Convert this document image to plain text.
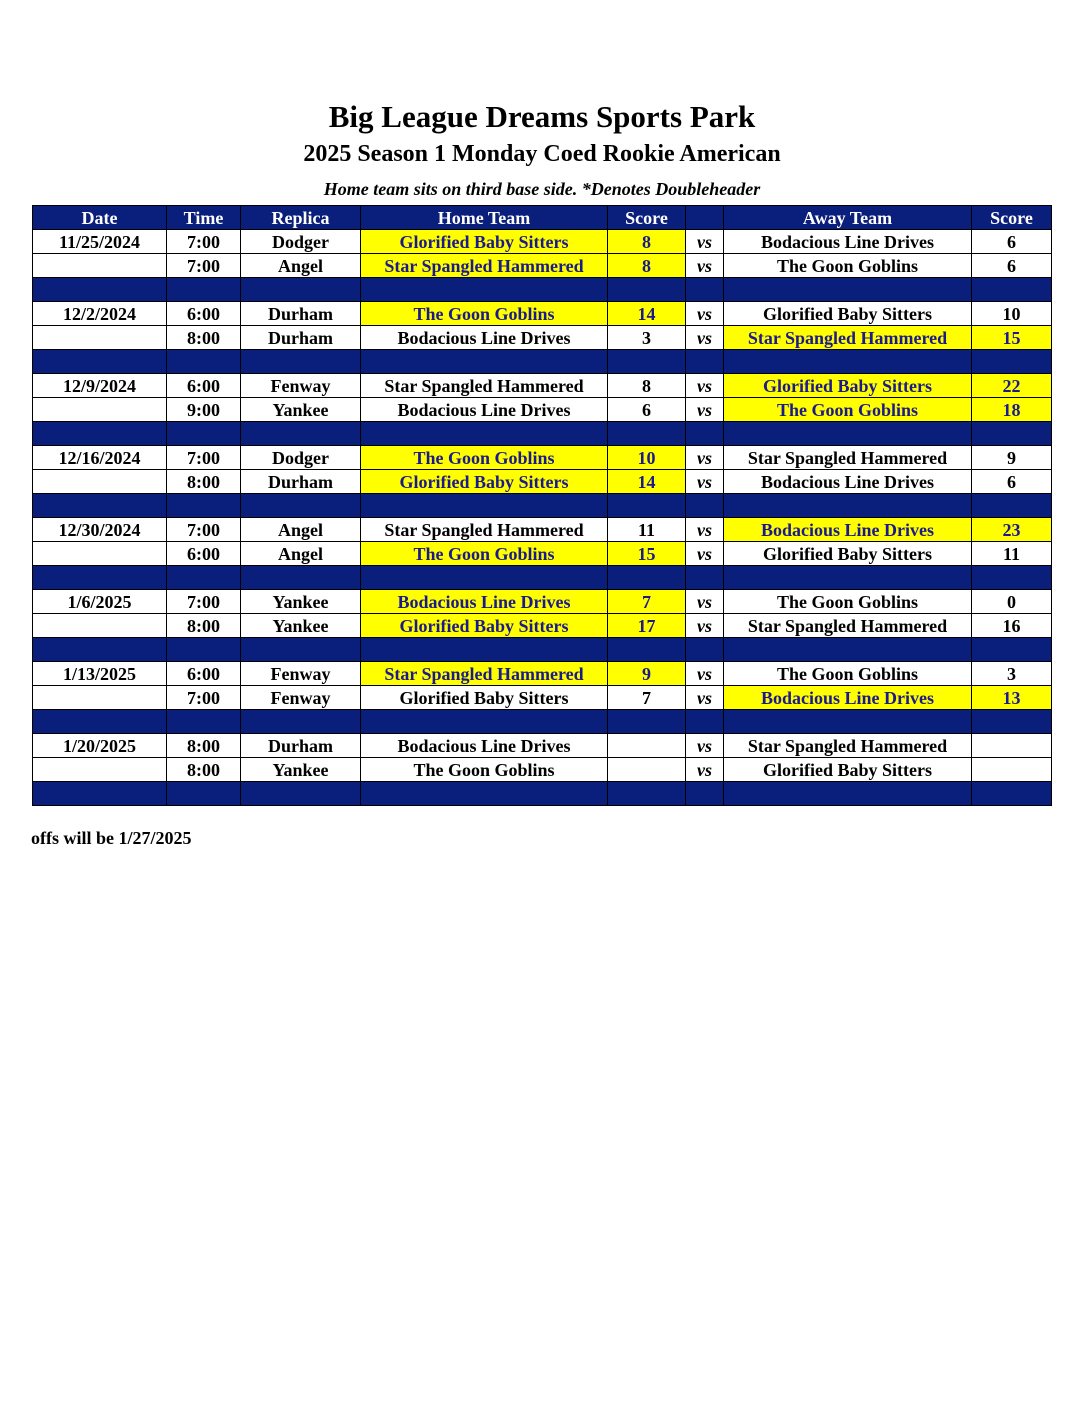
Big League Dreams Sports Park
2025 Season 1 Monday Coed Rookie American
Home team sits on third base side. *Denotes Doubleheader
Date	Time	Replica	Home Team	Score		Away Team	Score
11/25/2024	7:00	Dodger	Glorified Baby Sitters	8	vs	Bodacious Line Drives	6
	7:00	Angel	Star Spangled Hammered	8	vs	The Goon Goblins	6

12/2/2024	6:00	Durham	The Goon Goblins	14	vs	Glorified Baby Sitters	10
	8:00	Durham	Bodacious Line Drives	3	vs	Star Spangled Hammered	15

12/9/2024	6:00	Fenway	Star Spangled Hammered	8	vs	Glorified Baby Sitters	22
	9:00	Yankee	Bodacious Line Drives	6	vs	The Goon Goblins	18

12/16/2024	7:00	Dodger	The Goon Goblins	10	vs	Star Spangled Hammered	9
	8:00	Durham	Glorified Baby Sitters	14	vs	Bodacious Line Drives	6

12/30/2024	7:00	Angel	Star Spangled Hammered	11	vs	Bodacious Line Drives	23
	6:00	Angel	The Goon Goblins	15	vs	Glorified Baby Sitters	11

1/6/2025	7:00	Yankee	Bodacious Line Drives	7	vs	The Goon Goblins	0
	8:00	Yankee	Glorified Baby Sitters	17	vs	Star Spangled Hammered	16

1/13/2025	6:00	Fenway	Star Spangled Hammered	9	vs	The Goon Goblins	3
	7:00	Fenway	Glorified Baby Sitters	7	vs	Bodacious Line Drives	13

1/20/2025	8:00	Durham	Bodacious Line Drives		vs	Star Spangled Hammered	
	8:00	Yankee	The Goon Goblins		vs	Glorified Baby Sitters	

offs will be 1/27/2025
